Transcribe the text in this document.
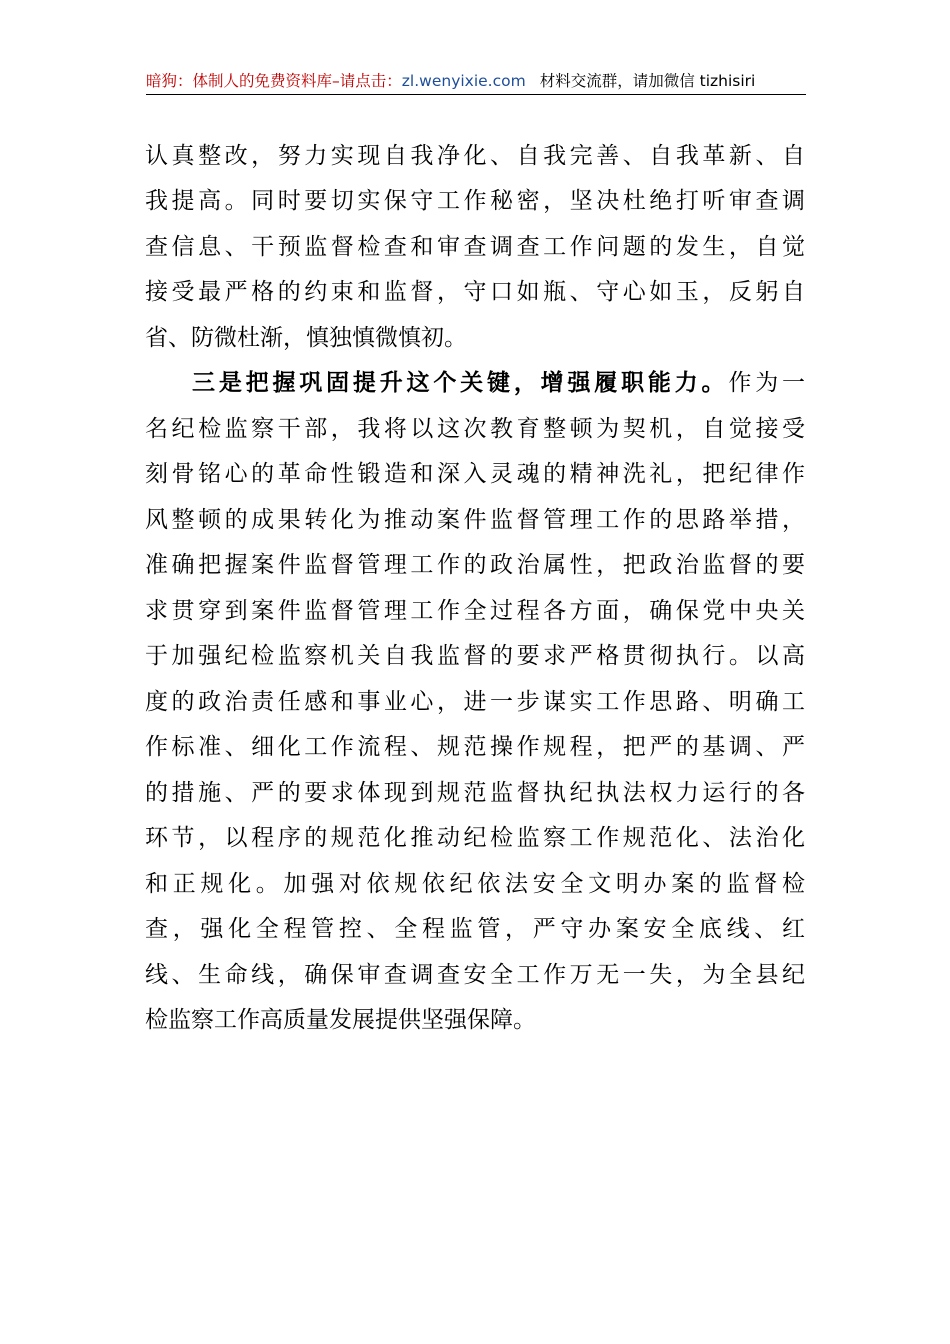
暗狗：体制人的免费资料库–请点击：zl.wenyixie.com 材料交流群，请加微信 tizhisiri
认真整改，努力实现自我净化、自我完善、自我革新、自
我提高。同时要切实保守工作秘密，坚决杜绝打听审查调
查信息、干预监督检查和审查调查工作问题的发生，自觉
接受最严格的约束和监督，守口如瓶、守心如玉，反躬自
省、防微杜渐，慎独慎微慎初。
三是把握巩固提升这个关键，增强履职能力。作为一
名纪检监察干部，我将以这次教育整顿为契机，自觉接受
刻骨铭心的革命性锻造和深入灵魂的精神洗礼，把纪律作
风整顿的成果转化为推动案件监督管理工作的思路举措，
准确把握案件监督管理工作的政治属性，把政治监督的要
求贯穿到案件监督管理工作全过程各方面，确保党中央关
于加强纪检监察机关自我监督的要求严格贯彻执行。以高
度的政治责任感和事业心，进一步谋实工作思路、明确工
作标准、细化工作流程、规范操作规程，把严的基调、严
的措施、严的要求体现到规范监督执纪执法权力运行的各
环节，以程序的规范化推动纪检监察工作规范化、法治化
和正规化。加强对依规依纪依法安全文明办案的监督检
查，强化全程管控、全程监管，严守办案安全底线、红
线、生命线，确保审查调查安全工作万无一失，为全县纪
检监察工作高质量发展提供坚强保障。
